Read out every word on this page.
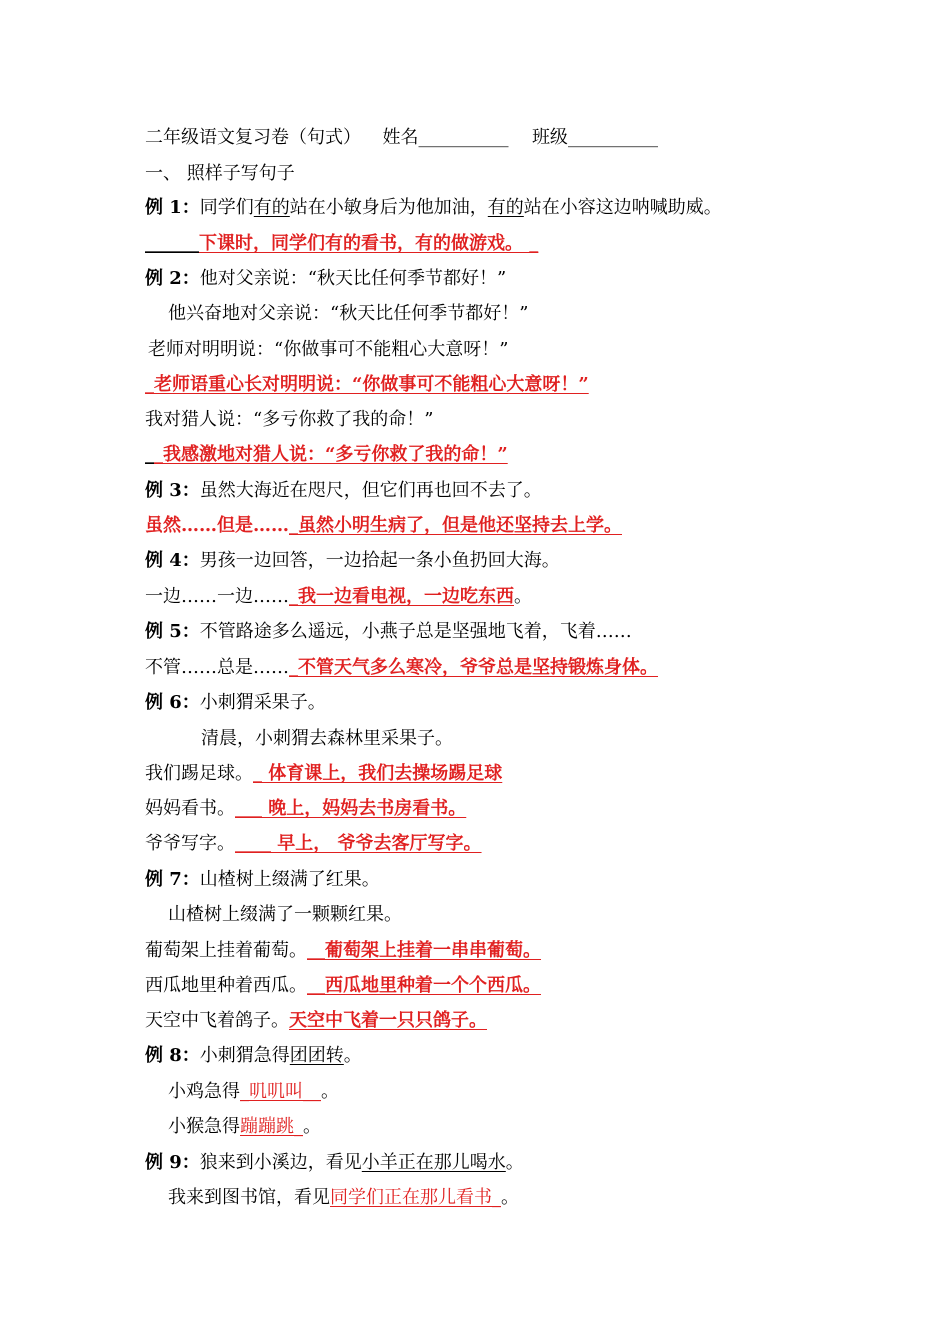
二年级语文复习卷（句式） 姓名__________ 班级__________
一、 照样子写句子
例 1：同学们有的站在小敏身后为他加油，有的站在小容这边呐喊助威。
______下课时，同学们有的看书，有的做游戏。 _
例 2：他对父亲说：“秋天比任何季节都好！”
他兴奋地对父亲说：“秋天比任何季节都好！”
老师对明明说：“你做事可不能粗心大意呀！”
_老师语重心长对明明说：“你做事可不能粗心大意呀！”
我对猎人说：“多亏你救了我的命！”
__我感激地对猎人说：“多亏你救了我的命！”
例 3：虽然大海近在咫尺，但它们再也回不去了。
虽然……但是……_虽然小明生病了，但是他还坚持去上学。
例 4：男孩一边回答，一边拾起一条小鱼扔回大海。
一边……一边……_我一边看电视，一边吃东西。
例 5：不管路途多么遥远，小燕子总是坚强地飞着，飞着……
不管……总是……_不管天气多么寒冷，爷爷总是坚持锻炼身体。
例 6：小刺猬采果子。
清晨，小刺猬去森林里采果子。
我们踢足球。_ 体育课上，我们去操场踢足球
妈妈看书。___ 晚上，妈妈去书房看书。
爷爷写字。____ 早上， 爷爷去客厅写字。
例 7：山楂树上缀满了红果。
山楂树上缀满了一颗颗红果。
葡萄架上挂着葡萄。__葡萄架上挂着一串串葡萄。
西瓜地里种着西瓜。__西瓜地里种着一个个西瓜。
天空中飞着鸽子。天空中飞着一只只鸽子。
例 8：小刺猬急得团团转。
小鸡急得_叽叽叫__。
小猴急得蹦蹦跳_。
例 9：狼来到小溪边，看见小羊正在那儿喝水。
我来到图书馆，看见同学们正在那儿看书_。
